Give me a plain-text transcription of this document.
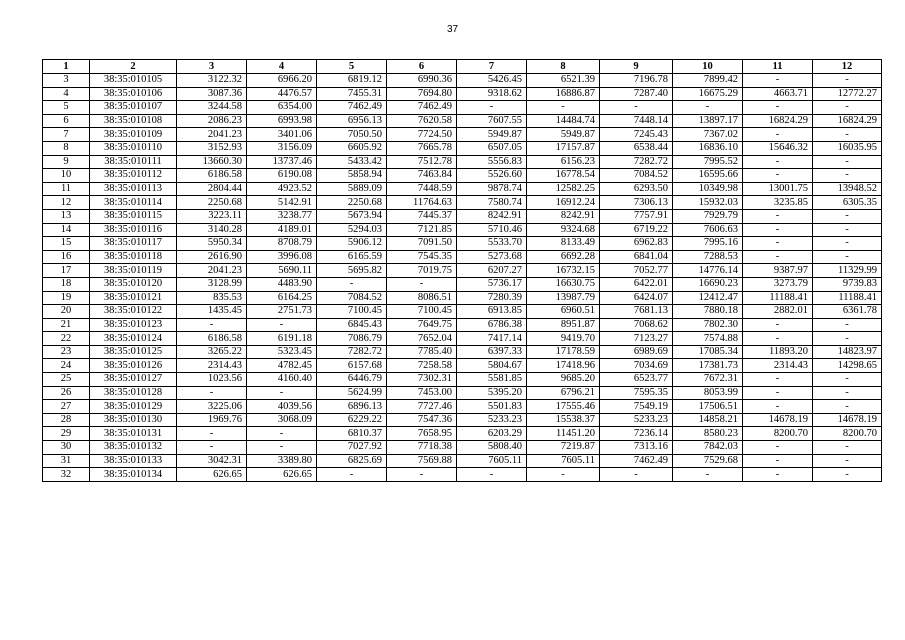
37
1	2	3	4	5	6	7	8	9	10	11	12
3	38:35:010105	3122.32	6966.20	6819.12	6990.36	5426.45	6521.39	7196.78	7899.42	-	-
4	38:35:010106	3087.36	4476.57	7455.31	7694.80	9318.62	16886.87	7287.40	16675.29	4663.71	12772.27
5	38:35:010107	3244.58	6354.00	7462.49	7462.49	-	-	-	-	-	-
6	38:35:010108	2086.23	6993.98	6956.13	7620.58	7607.55	14484.74	7448.14	13897.17	16824.29	16824.29
7	38:35:010109	2041.23	3401.06	7050.50	7724.50	5949.87	5949.87	7245.43	7367.02	-	-
8	38:35:010110	3152.93	3156.09	6605.92	7665.78	6507.05	17157.87	6538.44	16836.10	15646.32	16035.95
9	38:35:010111	13660.30	13737.46	5433.42	7512.78	5556.83	6156.23	7282.72	7995.52	-	-
10	38:35:010112	6186.58	6190.08	5858.94	7463.84	5526.60	16778.54	7084.52	16595.66	-	-
11	38:35:010113	2804.44	4923.52	5889.09	7448.59	9878.74	12582.25	6293.50	10349.98	13001.75	13948.52
12	38:35:010114	2250.68	5142.91	2250.68	11764.63	7580.74	16912.24	7306.13	15932.03	3235.85	6305.35
13	38:35:010115	3223.11	3238.77	5673.94	7445.37	8242.91	8242.91	7757.91	7929.79	-	-
14	38:35:010116	3140.28	4189.01	5294.03	7121.85	5710.46	9324.68	6719.22	7606.63	-	-
15	38:35:010117	5950.34	8708.79	5906.12	7091.50	5533.70	8133.49	6962.83	7995.16	-	-
16	38:35:010118	2616.90	3996.08	6165.59	7545.35	5273.68	6692.28	6841.04	7288.53	-	-
17	38:35:010119	2041.23	5690.11	5695.82	7019.75	6207.27	16732.15	7052.77	14776.14	9387.97	11329.99
18	38:35:010120	3128.99	4483.90	-	-	5736.17	16630.75	6422.01	16690.23	3273.79	9739.83
19	38:35:010121	835.53	6164.25	7084.52	8086.51	7280.39	13987.79	6424.07	12412.47	11188.41	11188.41
20	38:35:010122	1435.45	2751.73	7100.45	7100.45	6913.85	6960.51	7681.13	7880.18	2882.01	6361.78
21	38:35:010123	-	-	6845.43	7649.75	6786.38	8951.87	7068.62	7802.30	-	-
22	38:35:010124	6186.58	6191.18	7086.79	7652.04	7417.14	9419.70	7123.27	7574.88	-	-
23	38:35:010125	3265.22	5323.45	7282.72	7785.40	6397.33	17178.59	6989.69	17085.34	11893.20	14823.97
24	38:35:010126	2314.43	4782.45	6157.68	7258.58	5804.67	17418.96	7034.69	17381.73	2314.43	14298.65
25	38:35:010127	1023.56	4160.40	6446.79	7302.31	5581.85	9685.20	6523.77	7672.31	-	-
26	38:35:010128	-	-	5624.99	7453.00	5395.20	6796.21	7595.35	8053.99	-	-
27	38:35:010129	3225.06	4039.56	6896.13	7727.46	5501.83	17555.46	7549.19	17506.51	-	-
28	38:35:010130	1969.76	3068.09	6229.22	7547.36	5233.23	15538.37	5233.23	14858.21	14678.19	14678.19
29	38:35:010131	-	-	6810.37	7658.95	6203.29	11451.20	7236.14	8580.23	8200.70	8200.70
30	38:35:010132	-	-	7027.92	7718.38	5808.40	7219.87	7313.16	7842.03	-	-
31	38:35:010133	3042.31	3389.80	6825.69	7569.88	7605.11	7605.11	7462.49	7529.68	-	-
32	38:35:010134	626.65	626.65	-	-	-	-	-	-	-	-
